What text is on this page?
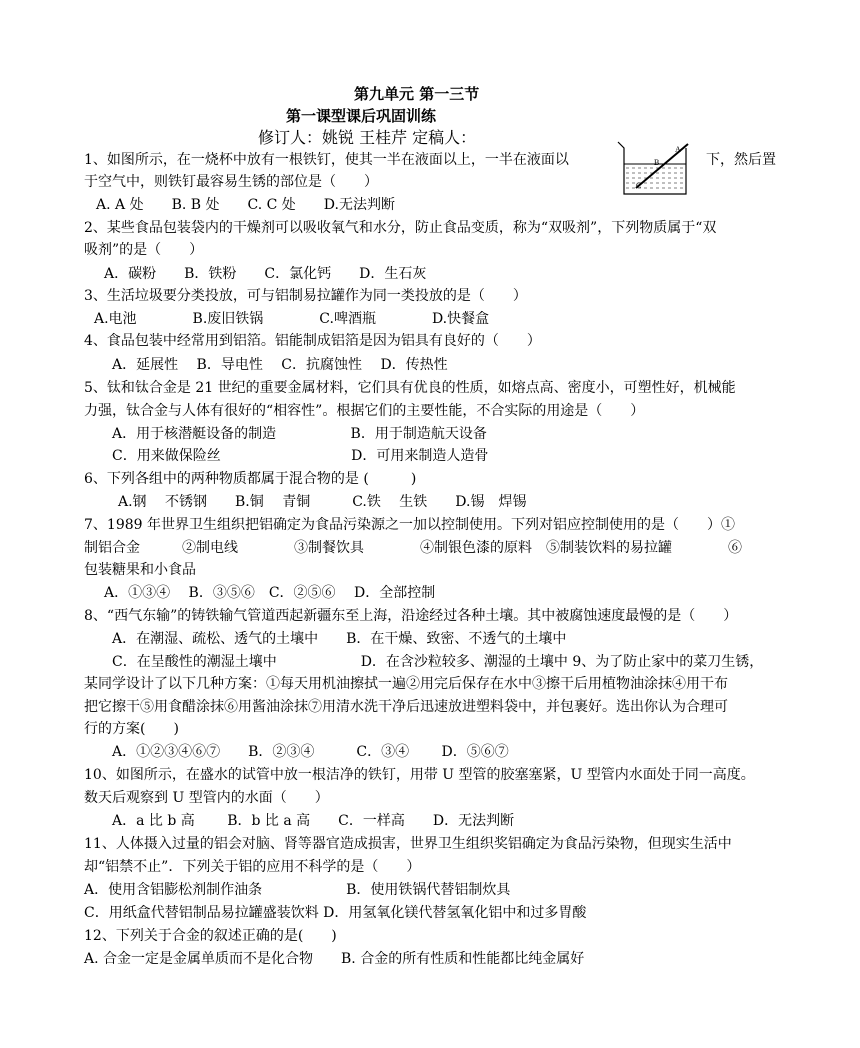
第九单元 第一三节
第一课型课后巩固训练
修订人：姚锐 王桂芹 定稿人：
A
B
C
1、如图所示，在一烧杯中放有一根铁钉，使其一半在液面以上，一半在液面以	下，然后置
于空气中，则铁钉最容易生锈的部位是（　　）
A. A 处　　B. B 处　　C. C 处　　D.无法判断
2、某些食品包装袋内的干燥剂可以吸收氧气和水分，防止食品变质，称为“双吸剂”，下列物质属于“双
吸剂”的是（　　）
A．碳粉　　B．铁粉　　C．氯化钙　　D．生石灰
3、生活垃圾要分类投放，可与铝制易拉罐作为同一类投放的是（　　）
A.电池　　　　B.废旧铁锅　　　　C.啤酒瓶　　　　D.快餐盒
4、食品包装中经常用到铝箔。铝能制成铝箔是因为铝具有良好的（　　）
A．延展性　 B．导电性　 C．抗腐蚀性　 D．传热性
5、钛和钛合金是 21 世纪的重要金属材料，它们具有优良的性质，如熔点高、密度小，可塑性好，机械能
力强，钛合金与人体有很好的“相容性”。根据它们的主要性能，不合实际的用途是（　　）
A．用于核潜艇设备的制造　　　　　 B．用于制造航天设备
C．用来做保险丝　　　　　　　　　 D．可用来制造人造骨
6、下列各组中的两种物质都属于混合物的是 (　　　)
A.钢　 不锈钢　　B.铜　 青铜　　　C.铁　 生铁　　D.锡　焊锡
7、1989 年世界卫生组织把铝确定为食品污染源之一加以控制使用。下列对铝应控制使用的是（　　）①
制铝合金　　　②制电线　　　　③制餐饮具　　　　④制银色漆的原料　⑤制装饮料的易拉罐　　　　⑥
包装糖果和小食品
A．①③④　 B．③⑤⑥　C．②⑤⑥　 D．全部控制
8、“西气东输”的铸铁输气管道西起新疆东至上海，沿途经过各种土壤。其中被腐蚀速度最慢的是（　　）
A．在潮湿、疏松、透气的土壤中　　B．在干燥、致密、不透气的土壤中
C．在呈酸性的潮湿土壤中　　　　　　D．在含沙粒较多、潮湿的土壤中 9、为了防止家中的菜刀生锈，
某同学设计了以下几种方案：①每天用机油擦拭一遍②用完后保存在水中③擦干后用植物油涂抹④用干布
把它擦干⑤用食醋涂抹⑥用酱油涂抹⑦用清水洗干净后迅速放进塑料袋中，并包裹好。选出你认为合理可
行的方案(　　)
A．①②③④⑥⑦　　B．②③④　　　C．③④　　 D．⑤⑥⑦
10、如图所示，在盛水的试管中放一根洁净的铁钉，用带 U 型管的胶塞塞紧，U 型管内水面处于同一高度。
数天后观察到 U 型管内的水面（　　）
A．a 比 b 高　　 B．b 比 a 高　　C．一样高　　D．无法判断
11、人体摄入过量的铝会对脑、肾等器官造成损害，世界卫生组织奖铝确定为食品污染物，但现实生活中
却“铝禁不止”．下列关于铝的应用不科学的是（　　）
A．使用含铝膨松剂制作油条　　　　　　B．使用铁锅代替铝制炊具
C．用纸盒代替铝制品易拉罐盛装饮料 D．用氢氧化镁代替氢氧化铝中和过多胃酸
12、下列关于合金的叙述正确的是(　　)
A. 合金一定是金属单质而不是化合物　　B. 合金的所有性质和性能都比纯金属好
